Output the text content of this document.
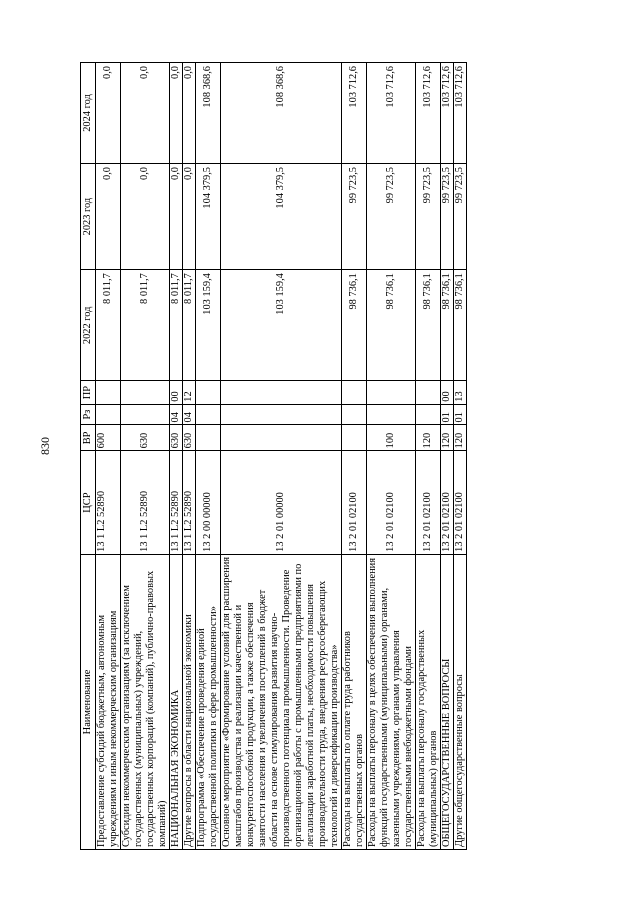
830
Наименование	ЦСР	ВР	Рз	ПР	2022 год	2023 год	2024 год
Предоставление субсидий бюджетным, автономным учреждениям и иным некоммерческим организациям	13 1 L2 52890	600			8 011,7	0,0	0,0
Субсидии некоммерческим организациям (за исключением государственных (муниципальных) учреждений, государственных корпораций (компаний), публично-правовых компаний)	13 1 L2 52890	630			8 011,7	0,0	0,0
НАЦИОНАЛЬНАЯ ЭКОНОМИКА	13 1 L2 52890	630	04	00	8 011,7	0,0	0,0
Другие вопросы в области национальной экономики	13 1 L2 52890	630	04	12	8 011,7	0,0	0,0
Подпрограмма «Обеспечение проведения единой государственной политики в сфере промышленности»	13 2 00 00000				103 159,4	104 379,5	108 368,6
Основное мероприятие «Формирование условий для расширения масштабов производства и реализации качественной и конкурентоспособной продукции, а также обеспечения занятости населения и увеличения поступлений в бюджет области на основе стимулирования развития научно-производственного потенциала промышленности. Проведение организационной работы с промышленными предприятиями по легализации заработной платы, необходимости повышения производительности труда, внедрения ресурсосберегающих технологий и диверсификации производства»	13 2 01 00000				103 159,4	104 379,5	108 368,6
Расходы на выплаты по оплате труда работников государственных органов	13 2 01 02100				98 736,1	99 723,5	103 712,6
Расходы на выплаты персоналу в целях обеспечения выполнения функций государственными (муниципальными) органами, казенными учреждениями, органами управления государственными внебюджетными фондами	13 2 01 02100	100			98 736,1	99 723,5	103 712,6
Расходы на выплаты персоналу государственных (муниципальных) органов	13 2 01 02100	120			98 736,1	99 723,5	103 712,6
ОБЩЕГОСУДАРСТВЕННЫЕ ВОПРОСЫ	13 2 01 02100	120	01	00	98 736,1	99 723,5	103 712,6
Другие общегосударственные вопросы	13 2 01 02100	120	01	13	98 736,1	99 723,5	103 712,6
